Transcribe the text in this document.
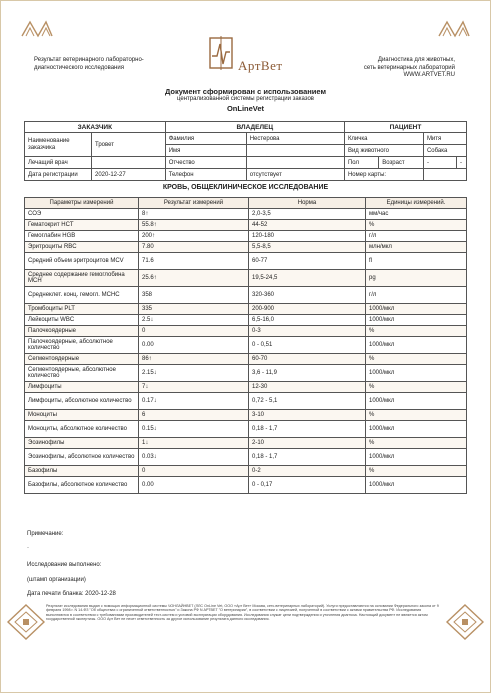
Результат ветеринарного лабораторно-диагностического исследования
Диагностика для животных,
сеть ветеринарных лабораторий
WWW.ARTVET.RU
АртВет
Документ сформирован с использованием
централизованной системы регистрации заказов
OnLineVet
ЗАКАЗЧИК		ВЛАДЕЛЕЦ		ПАЦИЕНТ			
Наименование заказчика	Тровет	Фамилия	Нестерова	Кличка		Митя	
		Имя		Вид животного		Собака	
Лечащий врач		Отчество		Пол	Возраст	-	-
Дата регистрации	2020-12-27	Телефон	отсутствует	Номер карты:			
КРОВЬ, ОБЩЕКЛИНИЧЕСКОЕ ИССЛЕДОВАНИЕ
Параметры измерений	Результат измерений	Норма	Единицы измерений.
СОЭ	8↑	2,0-3,5	мм/час
Гематокрит HCT	55.8↑	44-52	%
Гемоглабин HGB	200↑	120-180	г/л
Эритроциты RBC	7.80	5,5-8,5	млн/мкл
Средний объем эритроцитов MCV	71.6	60-77	fl
Среднее содержание гемоглобина MCH	25.6↑	19,5-24,5	pg
Среднеклет. конц. гемогл. MCHC	358	320-360	г/л
Тромбоциты PLT	335	200-900	1000/мкл
Лейкоциты WBC	2.5↓	6,5-16,0	1000/мкл
Палочкоядерные	0	0-3	%
Палочкоядерные, абсолютное количество	0.00	0 - 0,51	1000/мкл
Сегментоядерные	86↑	60-70	%
Сегментоядерные, абсолютное количество	2.15↓	3,6 - 11,9	1000/мкл
Лимфоциты	7↓	12-30	%
Лимфоциты, абсолютное количество	0.17↓	0,72 - 5,1	1000/мкл
Моноциты	6	3-10	%
Моноциты, абсолютное количество	0.15↓	0,18 - 1,7	1000/мкл
Эозинофилы	1↓	2-10	%
Эозинофилы, абсолютное количество	0.03↓	0,18 - 1,7	1000/мкл
Базофилы	0	0-2	%
Базофилы, абсолютное количество	0.00	0 - 0,17	1000/мкл
Примечание:
-
Исследование выполнено:
(штамп организации)
Дата печати бланка: 2020-12-28
Результат исследования выдан с помощью информационной системы ЧОНЛАЙНВЕТ (ЛЛС OnLine Vet, ООО «Арт Вет» Москва, сеть ветеринарных лабораторий). Услуги предоставляются на основании Федерального закона от 9 февраля 1998 г. N 14-ФЗ "Об обществах с ограниченной ответственностью" и Закона РФ N АРТВЕТ "О ветеринарии", в соответствии с лицензией, полученной в соответствии с актами правительства РФ. Исследования выполняются в соответствии с требованиями производителей тест-систем и условий эксплуатации оборудования. Исследования служат цели подтверждения и уточнения диагноза. Настоящий документ не является актом государственной экспертизы. ООО Арт Вет не несет ответственность за другое использование результата данного исследования.
